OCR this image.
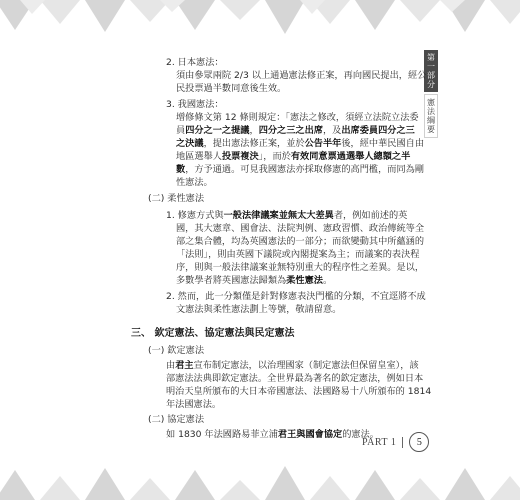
第一部分
憲法綱要
2. 日本憲法：
須由參眾兩院 2/3 以上通過憲法修正案，再向國民提出，經公
民投票過半數同意後生效。
3. 我國憲法：
增修條文第 12 條則規定：「憲法之修改，須經立法院立法委
員四分之一之提議，四分之三之出席，及出席委員四分之三
之決議，提出憲法修正案，並於公告半年後，經中華民國自由
地區選舉人投票複決」，而於有效同意票過選舉人總額之半
數，方予通過。可見我國憲法亦採取修憲的高門檻，而同為剛
性憲法。
(二) 柔性憲法
1. 修憲方式與一般法律議案並無太大差異者，例如前述的英
國，其大憲章、國會法、法院判例、憲政習慣、政治傳統等全
部之集合體，均為英國憲法的一部分；而欲變動其中所蘊涵的
「法則」，則由英國下議院或內閣提案為主；而議案的表決程
序，則與一般法律議案並無特別重大的程序性之差異。是以，
多數學者將英國憲法歸類為柔性憲法。
2. 然而，此一分類僅是針對修憲表決門檻的分類，不宜逕將不成
文憲法與柔性憲法劃上等號，敬請留意。
三、 欽定憲法、協定憲法與民定憲法
(一) 欽定憲法
由君主宣布制定憲法，以治理國家（制定憲法但保留皇室），該
部憲法法典即欽定憲法。全世界最為著名的欽定憲法，例如日本
明治天皇所頒布的大日本帝國憲法、法國路易十八所頒布的 1814
年法國憲法。
(二) 協定憲法
如 1830 年法國路易菲立浦君王與國會協定的憲法。
PART 1	5
